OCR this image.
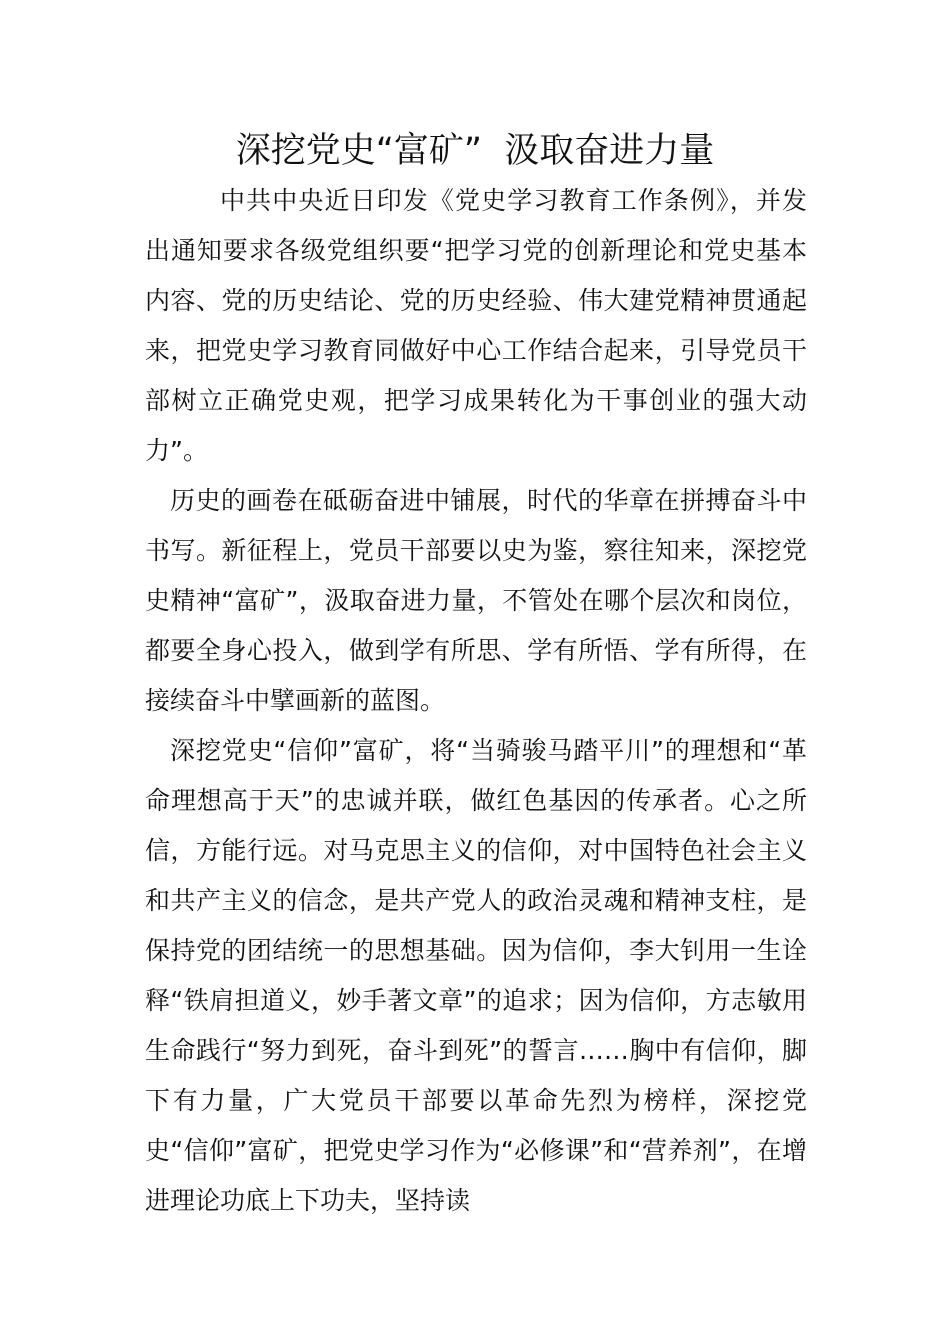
深挖党史“富矿”  汲取奋进力量

中共中央近日印发《党史学习教育工作条例》，并发出通知要求各级党组织要“把学习党的创新理论和党史基本内容、党的历史结论、党的历史经验、伟大建党精神贯通起来，把党史学习教育同做好中心工作结合起来，引导党员干部树立正确党史观，把学习成果转化为干事创业的强大动力”。

历史的画卷在砥砺奋进中铺展，时代的华章在拼搏奋斗中书写。新征程上，党员干部要以史为鉴，察往知来，深挖党史精神“富矿”，汲取奋进力量，不管处在哪个层次和岗位，都要全身心投入，做到学有所思、学有所悟、学有所得，在接续奋斗中擘画新的蓝图。

深挖党史“信仰”富矿，将“当骑骏马踏平川”的理想和“革命理想高于天”的忠诚并联，做红色基因的传承者。心之所信，方能行远。对马克思主义的信仰，对中国特色社会主义和共产主义的信念，是共产党人的政治灵魂和精神支柱，是保持党的团结统一的思想基础。因为信仰，李大钊用一生诠释“铁肩担道义，妙手著文章”的追求；因为信仰，方志敏用生命践行“努力到死，奋斗到死”的誓言……胸中有信仰，脚下有力量，广大党员干部要以革命先烈为榜样，深挖党史“信仰”富矿，把党史学习作为“必修课”和“营养剂”，在增进理论功底上下功夫，坚持读
